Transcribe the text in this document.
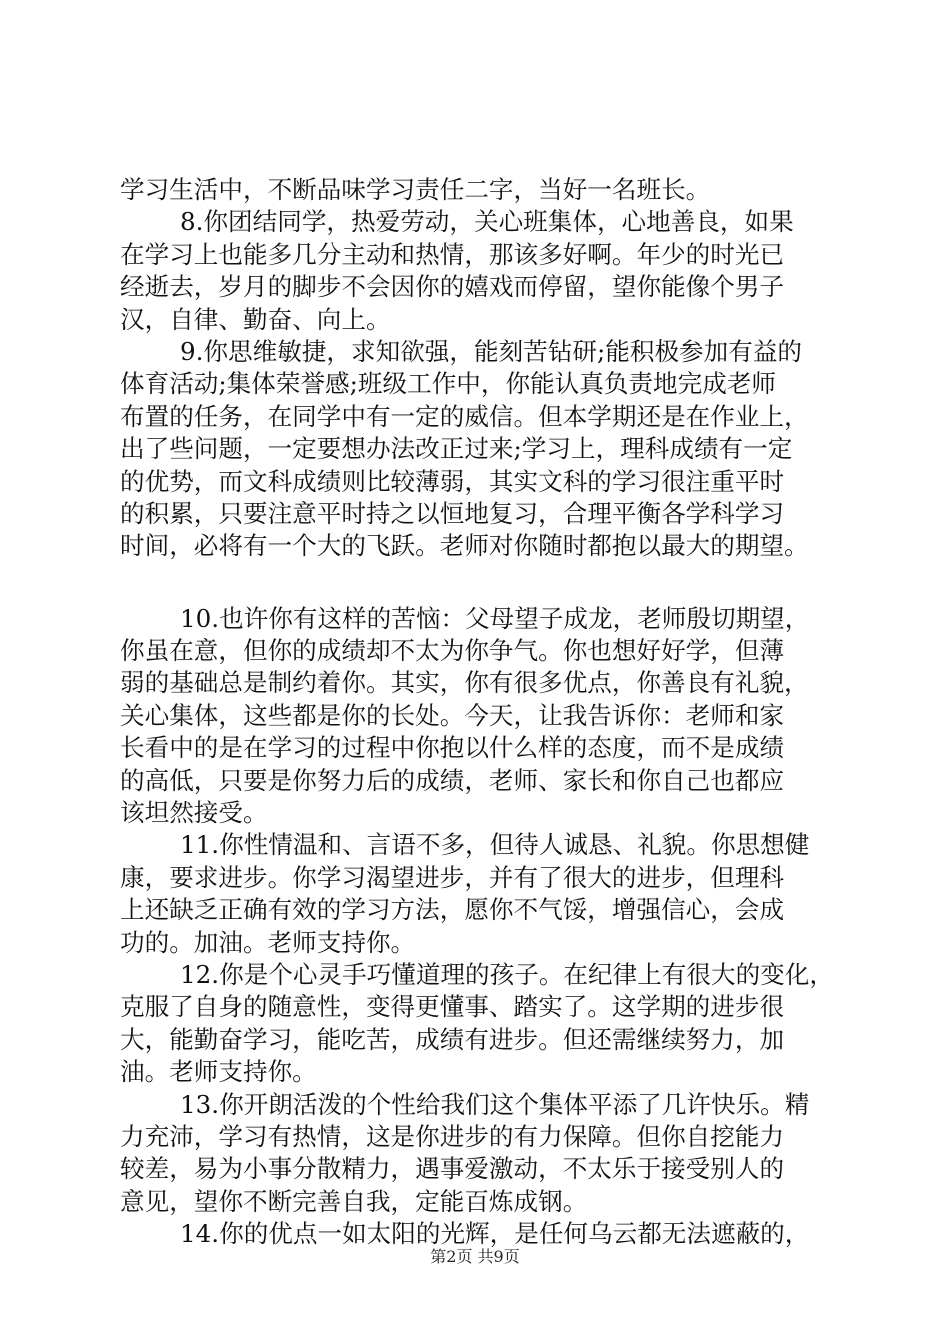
学习生活中，不断品味学习责任二字，当好一名班长。
8.你团结同学，热爱劳动，关心班集体，心地善良，如果
在学习上也能多几分主动和热情，那该多好啊。年少的时光已
经逝去，岁月的脚步不会因你的嬉戏而停留，望你能像个男子
汉，自律、勤奋、向上。
9.你思维敏捷，求知欲强，能刻苦钻研;能积极参加有益的
体育活动;集体荣誉感;班级工作中，你能认真负责地完成老师
布置的任务，在同学中有一定的威信。但本学期还是在作业上，
出了些问题，一定要想办法改正过来;学习上，理科成绩有一定
的优势，而文科成绩则比较薄弱，其实文科的学习很注重平时
的积累，只要注意平时持之以恒地复习，合理平衡各学科学习
时间，必将有一个大的飞跃。老师对你随时都抱以最大的期望。
10.也许你有这样的苦恼：父母望子成龙，老师殷切期望，
你虽在意，但你的成绩却不太为你争气。你也想好好学，但薄
弱的基础总是制约着你。其实，你有很多优点，你善良有礼貌，
关心集体，这些都是你的长处。今天，让我告诉你：老师和家
长看中的是在学习的过程中你抱以什么样的态度，而不是成绩
的高低，只要是你努力后的成绩，老师、家长和你自己也都应
该坦然接受。
11.你性情温和、言语不多，但待人诚恳、礼貌。你思想健
康，要求进步。你学习渴望进步，并有了很大的进步，但理科
上还缺乏正确有效的学习方法，愿你不气馁，增强信心，会成
功的。加油。老师支持你。
12.你是个心灵手巧懂道理的孩子。在纪律上有很大的变化，
克服了自身的随意性，变得更懂事、踏实了。这学期的进步很
大，能勤奋学习，能吃苦，成绩有进步。但还需继续努力，加
油。老师支持你。
13.你开朗活泼的个性给我们这个集体平添了几许快乐。精
力充沛，学习有热情，这是你进步的有力保障。但你自挖能力
较差，易为小事分散精力，遇事爱激动，不太乐于接受别人的
意见，望你不断完善自我，定能百炼成钢。
14.你的优点一如太阳的光辉，是任何乌云都无法遮蔽的，
第2页 共9页
